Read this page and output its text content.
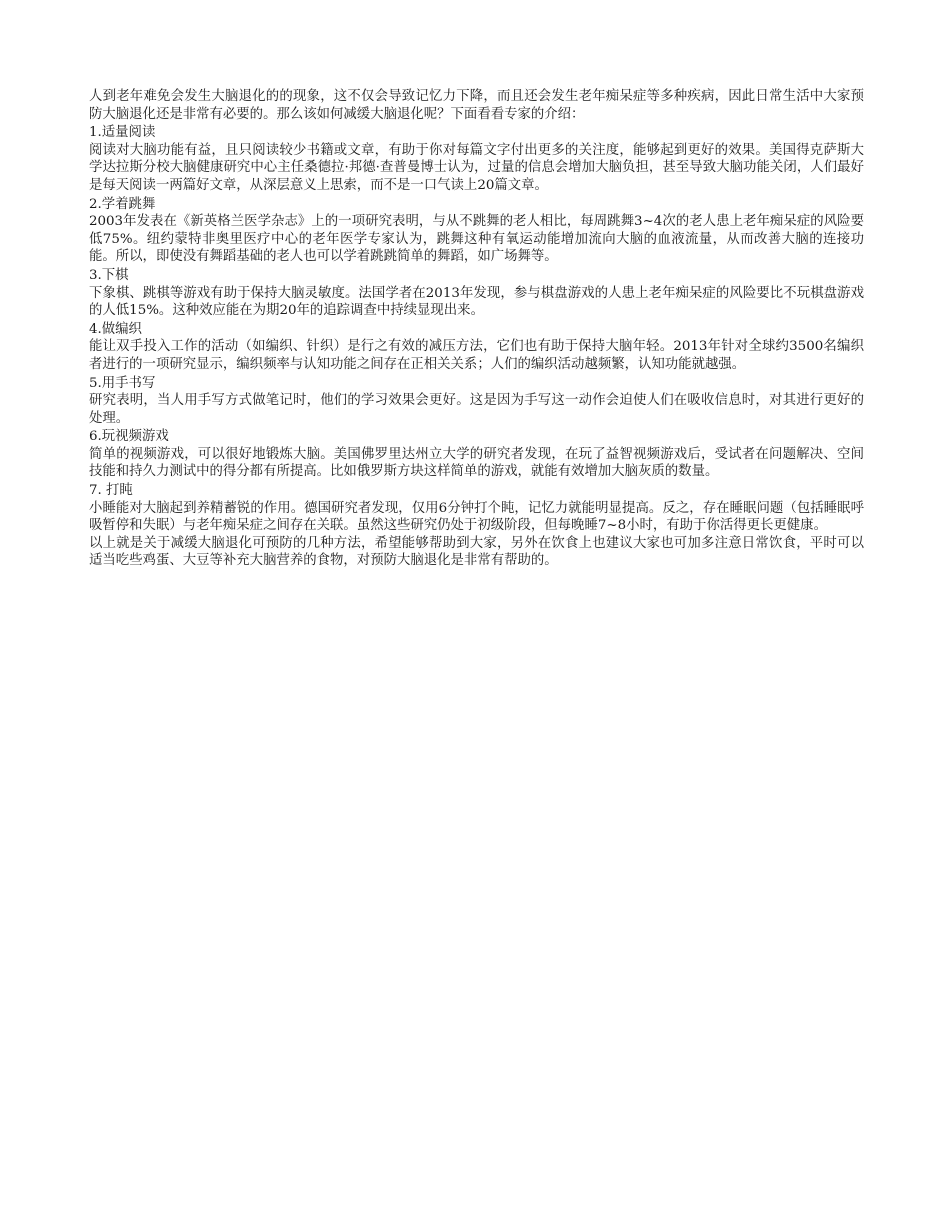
人到老年难免会发生大脑退化的的现象，这不仅会导致记忆力下降，而且还会发生老年痴呆症等多种疾病，因此日常生活中大家预防大脑退化还是非常有必要的。那么该如何减缓大脑退化呢？下面看看专家的介绍：

1.适量阅读

阅读对大脑功能有益，且只阅读较少书籍或文章，有助于你对每篇文字付出更多的关注度，能够起到更好的效果。美国得克萨斯大学达拉斯分校大脑健康研究中心主任桑德拉·邦德·查普曼博士认为，过量的信息会增加大脑负担，甚至导致大脑功能关闭，人们最好是每天阅读一两篇好文章，从深层意义上思索，而不是一口气读上20篇文章。

2.学着跳舞

2003年发表在《新英格兰医学杂志》上的一项研究表明，与从不跳舞的老人相比，每周跳舞3~4次的老人患上老年痴呆症的风险要低75%。纽约蒙特非奥里医疗中心的老年医学专家认为，跳舞这种有氧运动能增加流向大脑的血液流量，从而改善大脑的连接功能。所以，即使没有舞蹈基础的老人也可以学着跳跳简单的舞蹈，如广场舞等。

3.下棋

下象棋、跳棋等游戏有助于保持大脑灵敏度。法国学者在2013年发现，参与棋盘游戏的人患上老年痴呆症的风险要比不玩棋盘游戏的人低15%。这种效应能在为期20年的追踪调查中持续显现出来。

4.做编织

能让双手投入工作的活动（如编织、针织）是行之有效的减压方法，它们也有助于保持大脑年轻。2013年针对全球约3500名编织者进行的一项研究显示，编织频率与认知功能之间存在正相关关系；人们的编织活动越频繁，认知功能就越强。

5.用手书写

研究表明，当人用手写方式做笔记时，他们的学习效果会更好。这是因为手写这一动作会迫使人们在吸收信息时，对其进行更好的处理。

6.玩视频游戏

简单的视频游戏，可以很好地锻炼大脑。美国佛罗里达州立大学的研究者发现，在玩了益智视频游戏后，受试者在问题解决、空间技能和持久力测试中的得分都有所提高。比如俄罗斯方块这样简单的游戏，就能有效增加大脑灰质的数量。

7. 打盹

小睡能对大脑起到养精蓄锐的作用。德国研究者发现，仅用6分钟打个盹，记忆力就能明显提高。反之，存在睡眠问题（包括睡眠呼吸暂停和失眠）与老年痴呆症之间存在关联。虽然这些研究仍处于初级阶段，但每晚睡7~8小时，有助于你活得更长更健康。

以上就是关于减缓大脑退化可预防的几种方法，希望能够帮助到大家，另外在饮食上也建议大家也可加多注意日常饮食，平时可以适当吃些鸡蛋、大豆等补充大脑营养的食物，对预防大脑退化是非常有帮助的。
